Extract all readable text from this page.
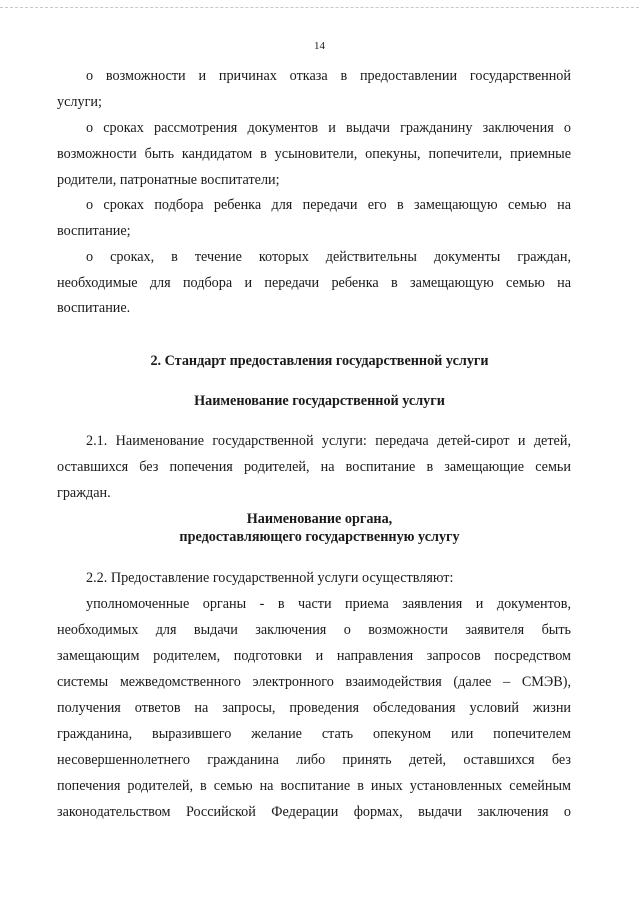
14
о возможности и причинах отказа в предоставлении государственной
услуги;
о сроках рассмотрения документов и выдачи гражданину заключения о
возможности быть кандидатом в усыновители, опекуны, попечители, приемные
родители, патронатные воспитатели;
о сроках подбора ребенка для передачи его в замещающую семью на
воспитание;
о сроках, в течение которых действительны документы граждан,
необходимые для подбора и передачи ребенка в замещающую семью на
воспитание.
2. Стандарт предоставления государственной услуги
Наименование государственной услуги
2.1. Наименование государственной услуги: передача детей-сирот и детей,
оставшихся без попечения родителей, на воспитание в замещающие семьи
граждан.
Наименование органа,
предоставляющего государственную услугу
2.2. Предоставление государственной услуги осуществляют:
уполномоченные органы - в части приема заявления и документов,
необходимых для выдачи заключения о возможности заявителя быть
замещающим родителем, подготовки и направления запросов посредством
системы межведомственного электронного взаимодействия (далее – СМЭВ),
получения ответов на запросы, проведения обследования условий жизни
гражданина, выразившего желание стать опекуном или попечителем
несовершеннолетнего гражданина либо принять детей, оставшихся без
попечения родителей, в семью на воспитание в иных установленных семейным
законодательством Российской Федерации формах, выдачи заключения о
